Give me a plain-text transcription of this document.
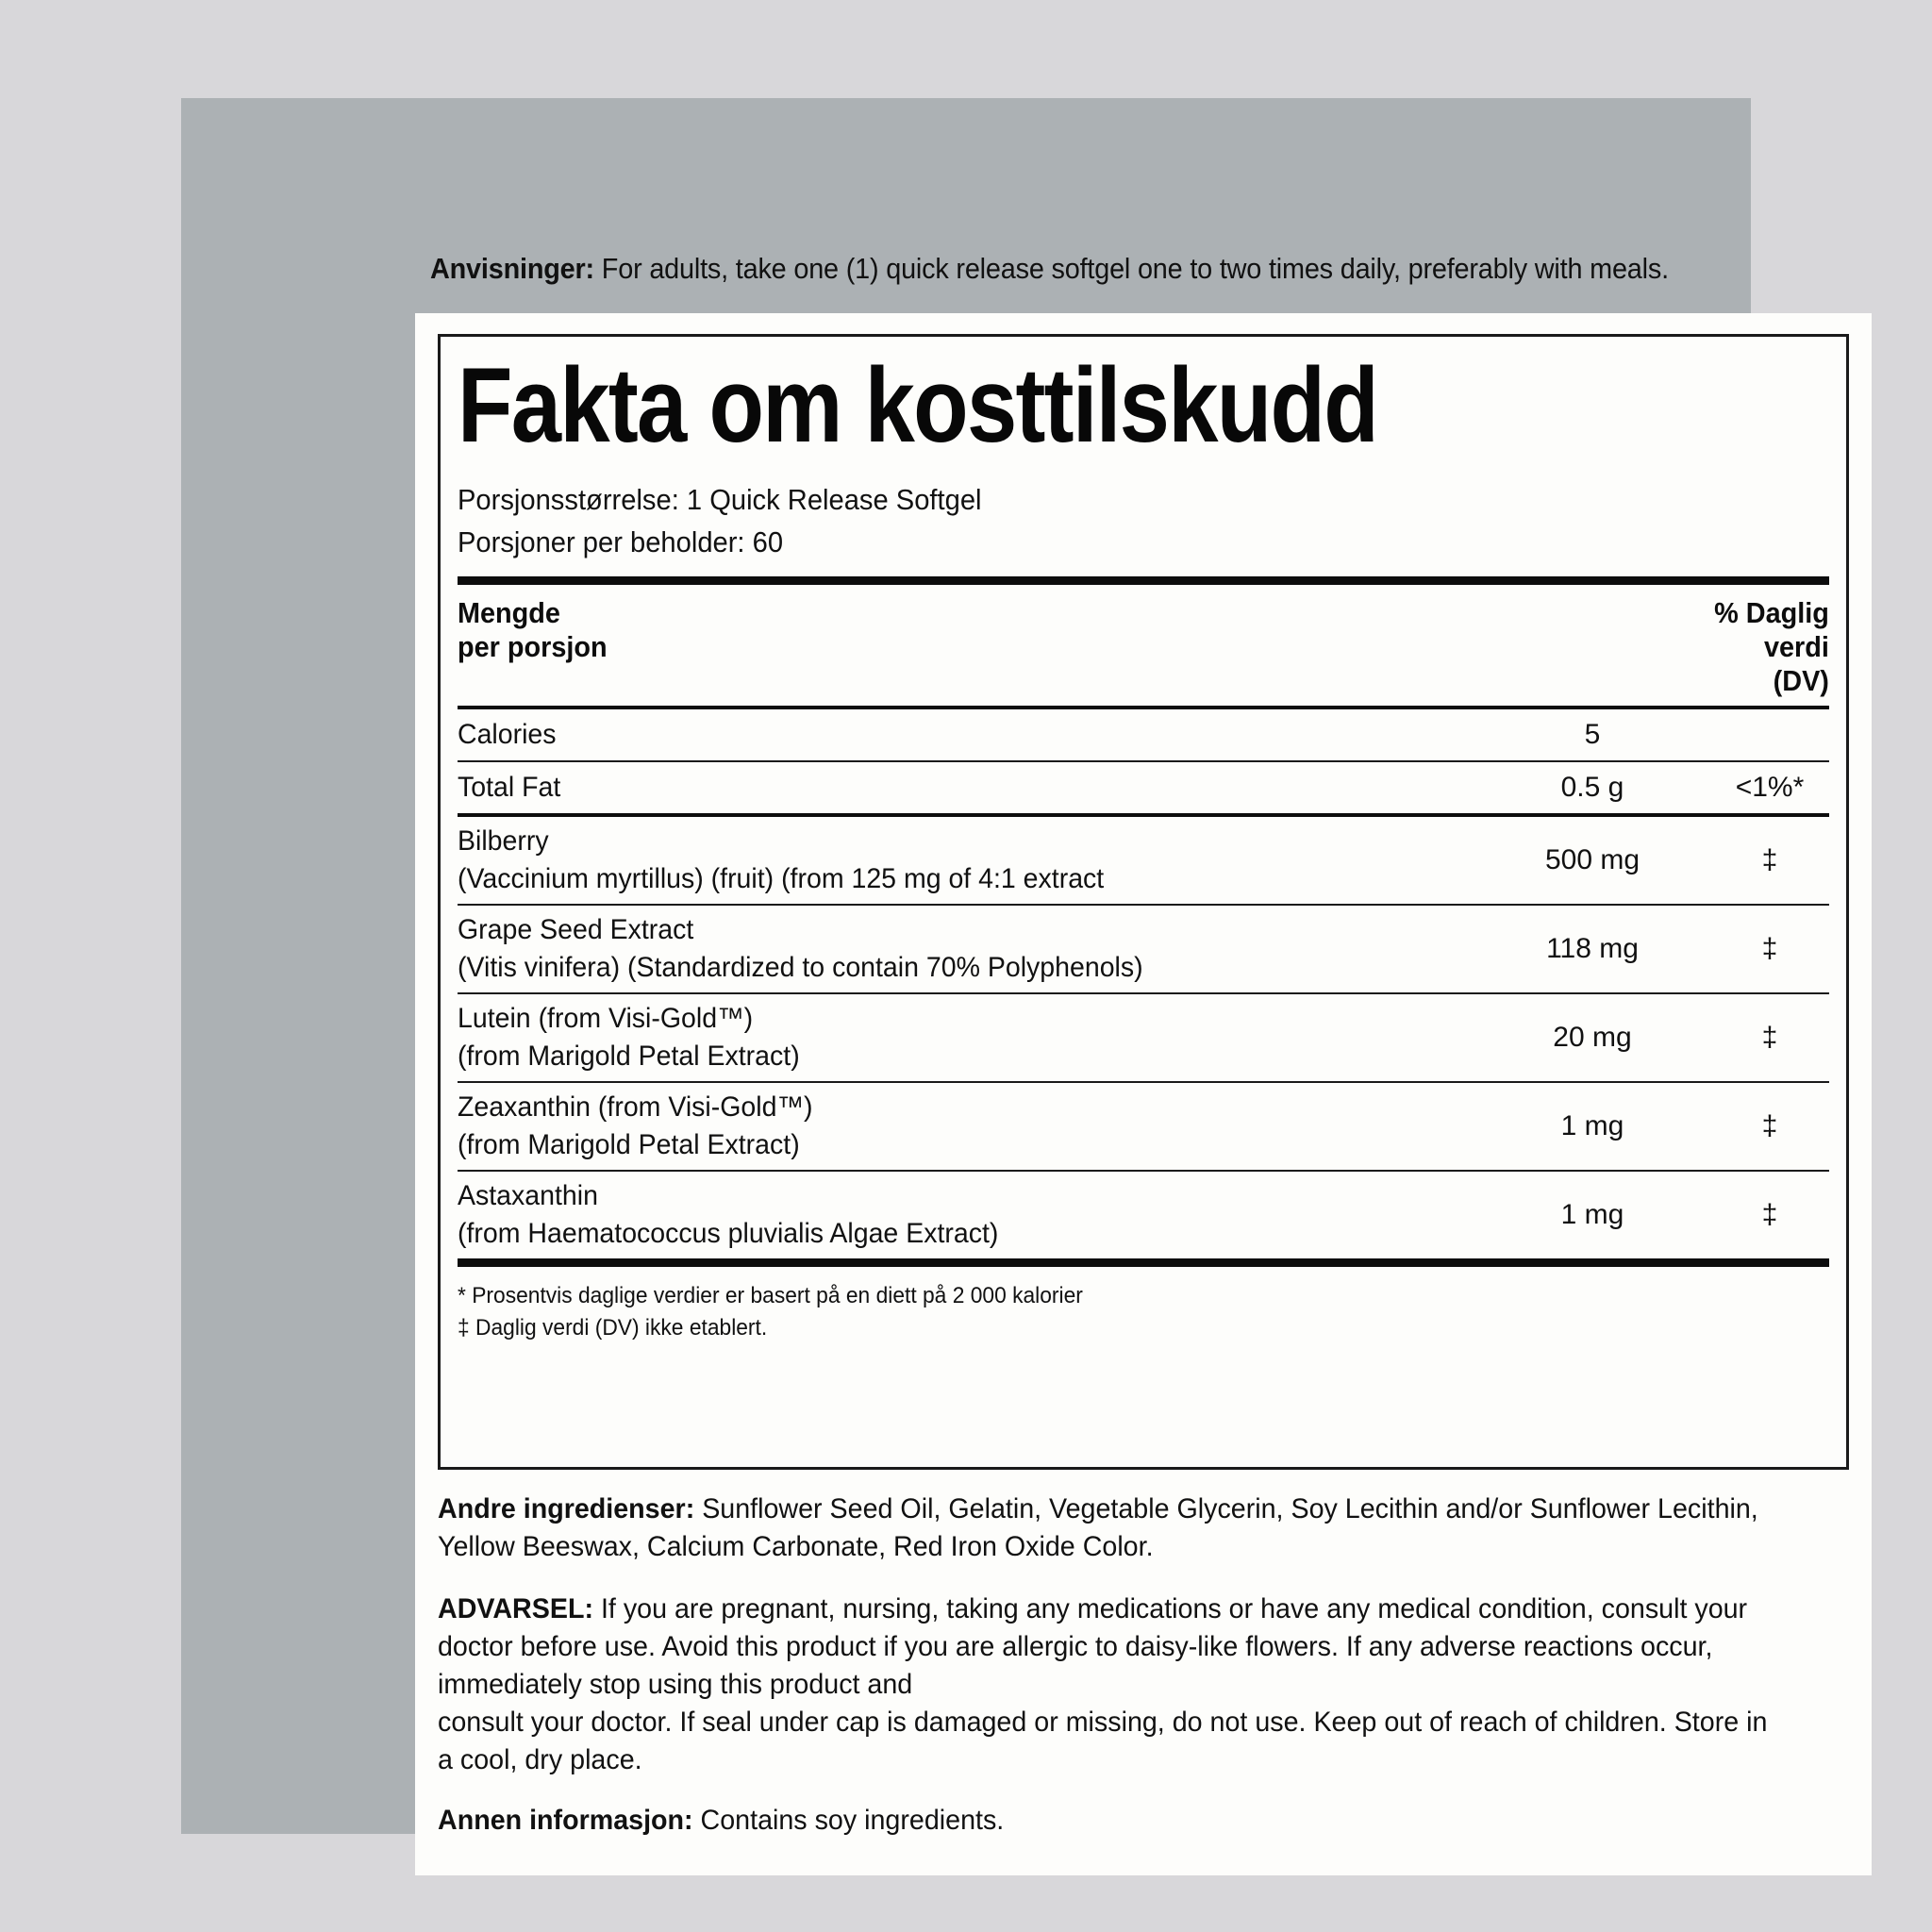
Anvisninger: For adults, take one (1) quick release softgel one to two times daily, preferably with meals.
Fakta om kosttilskudd
Porsjonsstørrelse: 1 Quick Release Softgel
Porsjoner per beholder: 60
Mengde
per porsjon
% Daglig
verdi
(DV)
Calories	5
Total Fat	0.5 g	<1%*
Bilberry
(Vaccinium myrtillus) (fruit) (from 125 mg of 4:1 extract
500 mg	‡
Grape Seed Extract
(Vitis vinifera) (Standardized to contain 70% Polyphenols)
118 mg	‡
Lutein (from Visi-Gold™)
(from Marigold Petal Extract)
20 mg	‡
Zeaxanthin (from Visi-Gold™)
(from Marigold Petal Extract)
1 mg	‡
Astaxanthin
(from Haematococcus pluvialis Algae Extract)
1 mg	‡
* Prosentvis daglige verdier er basert på en diett på 2 000 kalorier
‡ Daglig verdi (DV) ikke etablert.

Andre ingredienser: Sunflower Seed Oil, Gelatin, Vegetable Glycerin, Soy Lecithin and/or Sunflower Lecithin, Yellow Beeswax, Calcium Carbonate, Red Iron Oxide Color.

ADVARSEL: If you are pregnant, nursing, taking any medications or have any medical condition, consult your doctor before use. Avoid this product if you are allergic to daisy-like flowers. If any adverse reactions occur, immediately stop using this product and
consult your doctor. If seal under cap is damaged or missing, do not use. Keep out of reach of children. Store in a cool, dry place.

Annen informasjon: Contains soy ingredients.
